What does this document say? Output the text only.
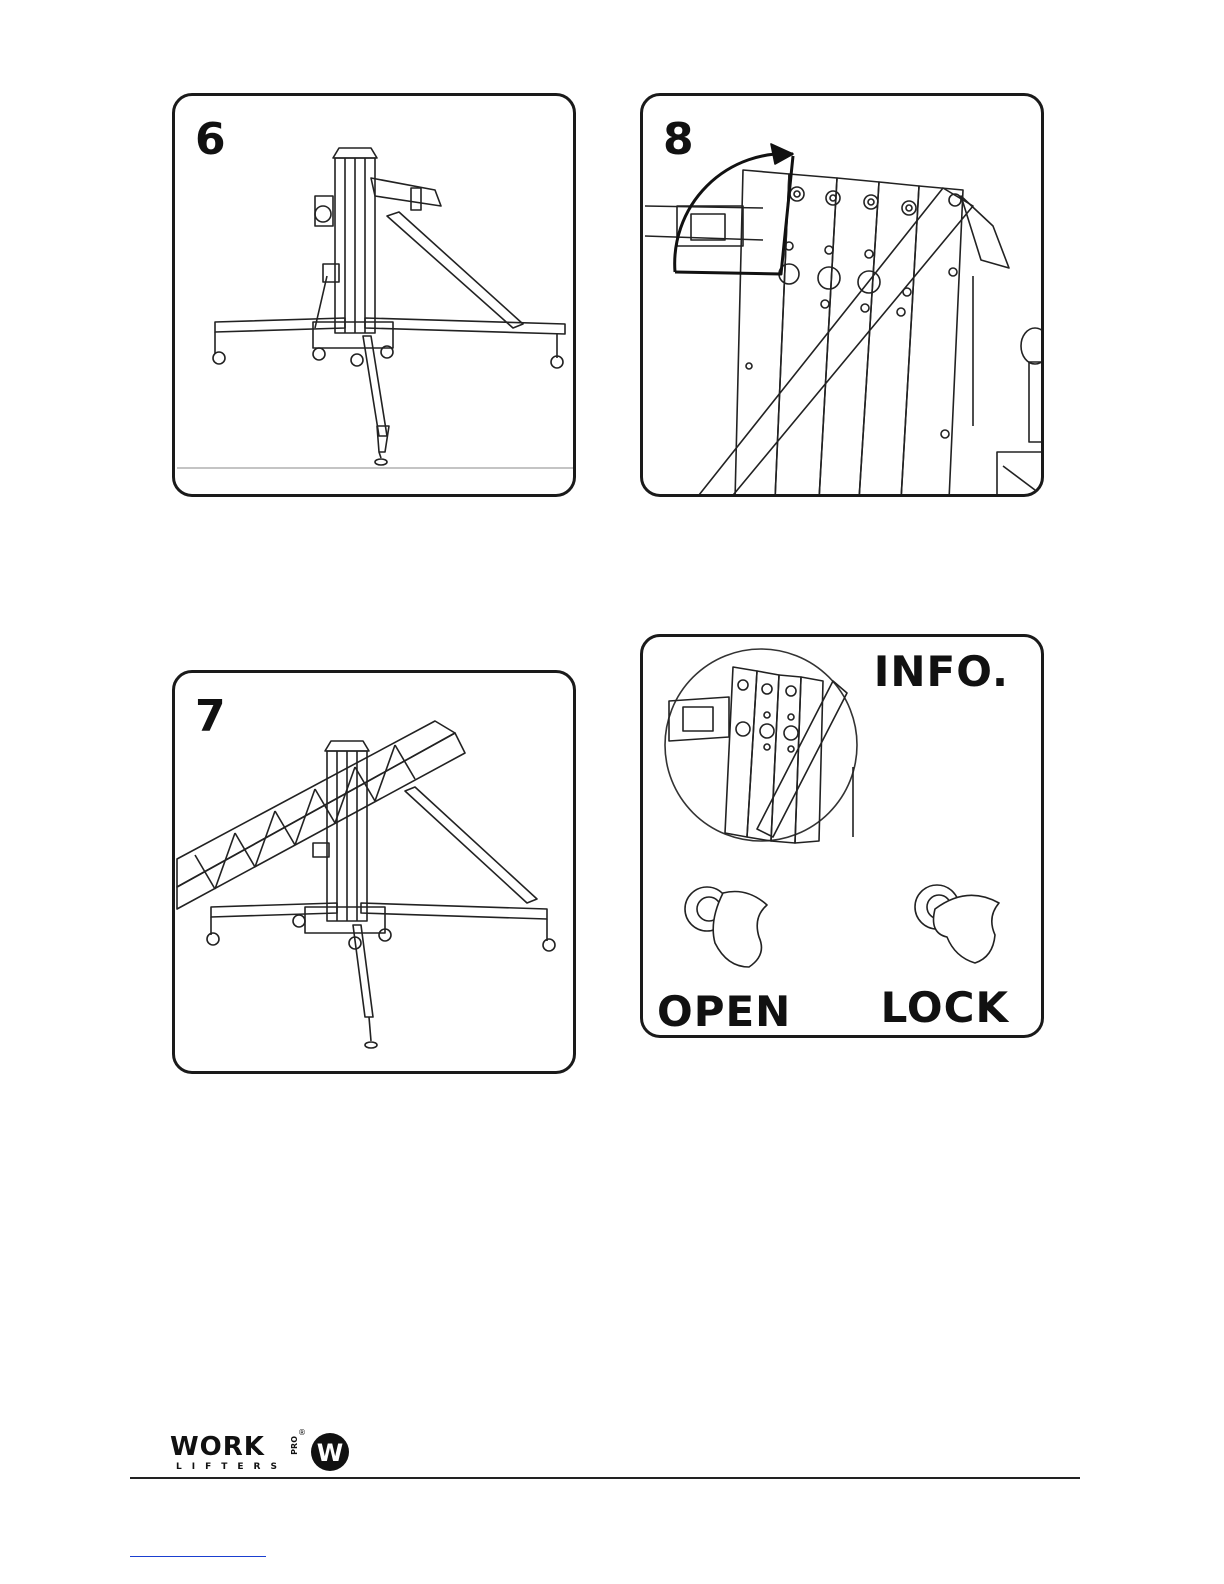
6	8
7
INFO.
OPEN LOCK
WORK
LIFTERS
PRO
®
W
